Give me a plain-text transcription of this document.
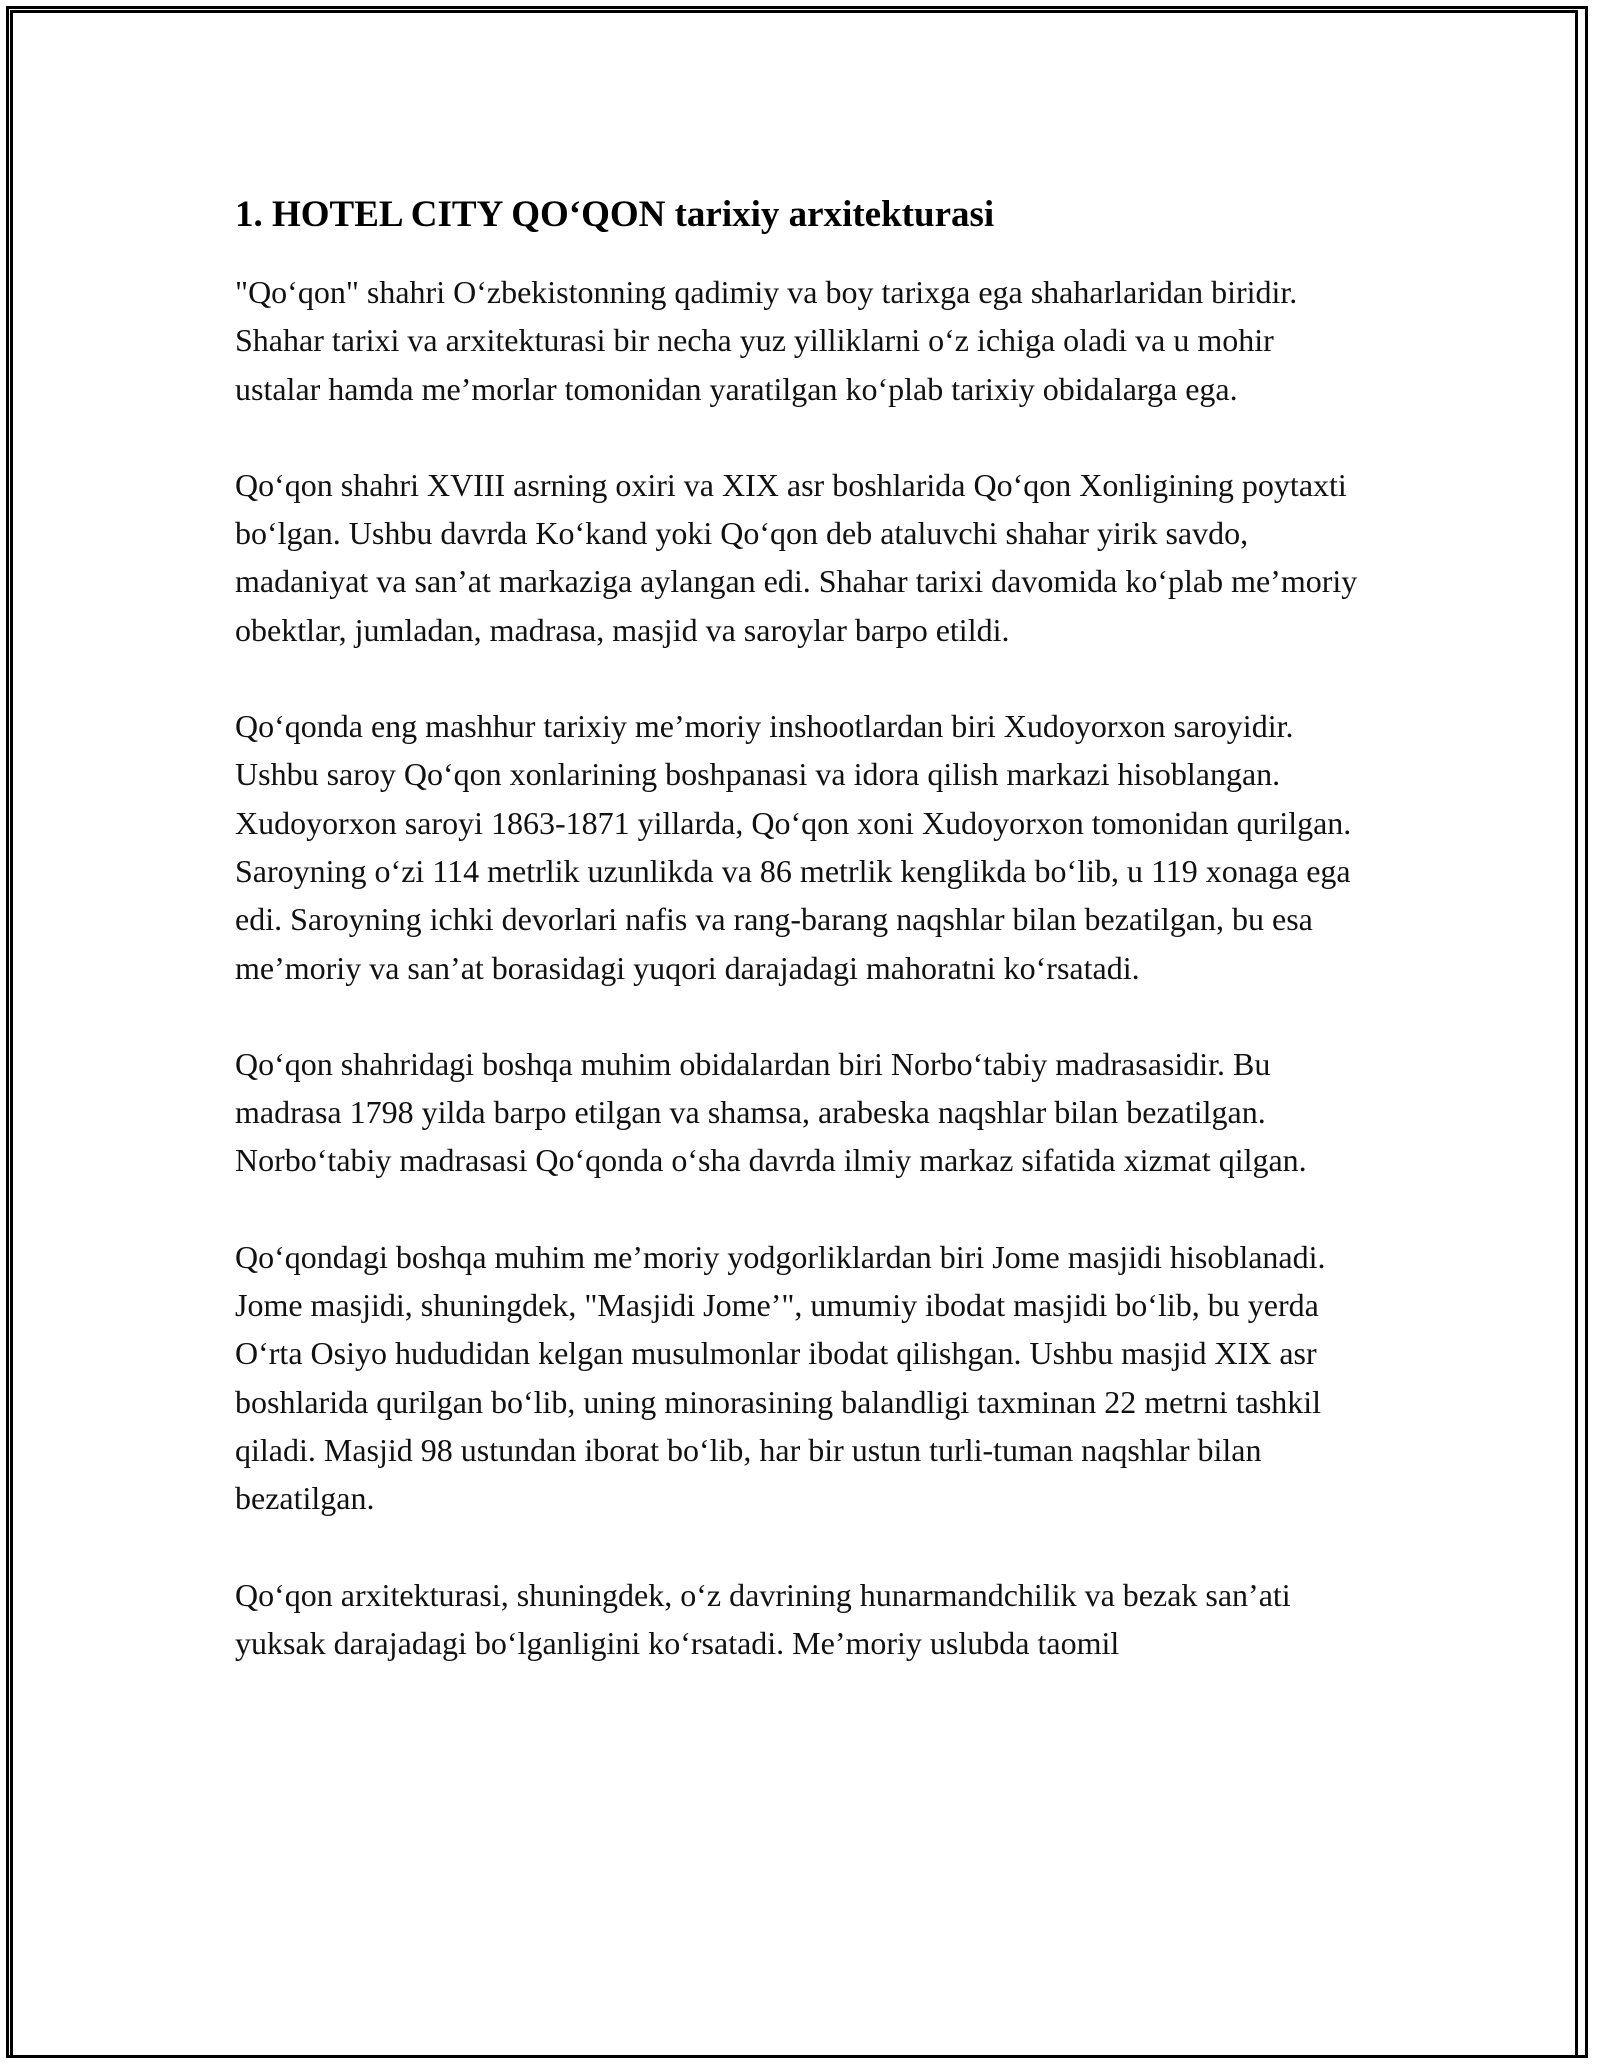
1. HOTEL CITY QO‘QON tarixiy arxitekturasi

"Qo‘qon" shahri O‘zbekistonning qadimiy va boy tarixga ega shaharlaridan biridir. Shahar tarixi va arxitekturasi bir necha yuz yilliklarni o‘z ichiga oladi va u mohir ustalar hamda me’morlar tomonidan yaratilgan ko‘plab tarixiy obidalarga ega.

Qo‘qon shahri XVIII asrning oxiri va XIX asr boshlarida Qo‘qon Xonligining poytaxti bo‘lgan. Ushbu davrda Ko‘kand yoki Qo‘qon deb ataluvchi shahar yirik savdo, madaniyat va san’at markaziga aylangan edi. Shahar tarixi davomida ko‘plab me’moriy obektlar, jumladan, madrasa, masjid va saroylar barpo etildi.

Qo‘qonda eng mashhur tarixiy me’moriy inshootlardan biri Xudoyorxon saroyidir. Ushbu saroy Qo‘qon xonlarining boshpanasi va idora qilish markazi hisoblangan. Xudoyorxon saroyi 1863-1871 yillarda, Qo‘qon xoni Xudoyorxon tomonidan qurilgan. Saroyning o‘zi 114 metrlik uzunlikda va 86 metrlik kenglikda bo‘lib, u 119 xonaga ega edi. Saroyning ichki devorlari nafis va rang-barang naqshlar bilan bezatilgan, bu esa me’moriy va san’at borasidagi yuqori darajadagi mahoratni ko‘rsatadi.

Qo‘qon shahridagi boshqa muhim obidalardan biri Norbo‘tabiy madrasasidir. Bu madrasa 1798 yilda barpo etilgan va shamsa, arabeska naqshlar bilan bezatilgan. Norbo‘tabiy madrasasi Qo‘qonda o‘sha davrda ilmiy markaz sifatida xizmat qilgan.

Qo‘qondagi boshqa muhim me’moriy yodgorliklardan biri Jome masjidi hisoblanadi. Jome masjidi, shuningdek, "Masjidi Jome’", umumiy ibodat masjidi bo‘lib, bu yerda O‘rta Osiyo hududidan kelgan musulmonlar ibodat qilishgan. Ushbu masjid XIX asr boshlarida qurilgan bo‘lib, uning minorasining balandligi taxminan 22 metrni tashkil qiladi. Masjid 98 ustundan iborat bo‘lib, har bir ustun turli-tuman naqshlar bilan bezatilgan.

Qo‘qon arxitekturasi, shuningdek, o‘z davrining hunarmandchilik va bezak san’ati yuksak darajadagi bo‘lganligini ko‘rsatadi. Me’moriy uslubda taomil
